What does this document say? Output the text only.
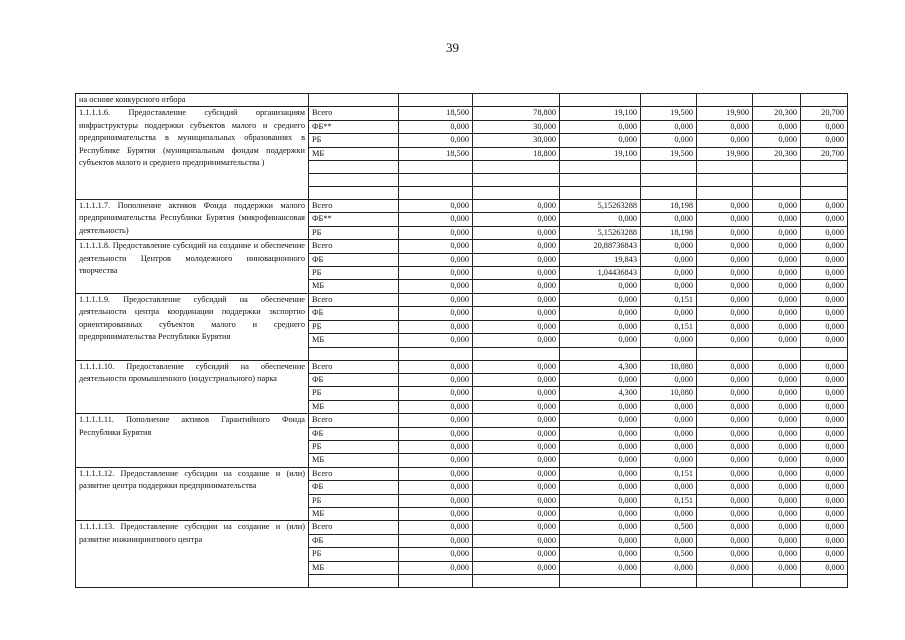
39
на основе конкурсного отбора								
1.1.1.1.6. Предоставление субсидий организациям инфраструктуры поддержки субъектов малого и среднего предпринимательства в муниципальных образованиях в Республике Бурятия (муниципальным фондам поддержки субъектов малого и среднего предпринимательства )	Всего	18,500	78,800	19,100	19,500	19,900	20,300	20,700
	ФБ**	0,000	30,000	0,000	0,000	0,000	0,000	0,000
	РБ	0,000	30,000	0,000	0,000	0,000	0,000	0,000
	МБ	18,500	18,800	19,100	19,500	19,900	20,300	20,700

1.1.1.1.7. Пополнение активов Фонда поддержки малого предпринимательства Республики Бурятия (микрофинансовая деятельность)	Всего	0,000	0,000	5,15263288	18,198	0,000	0,000	0,000
	ФБ**	0,000	0,000	0,000	0,000	0,000	0,000	0,000
	РБ	0,000	0,000	5,15263288	18,198	0,000	0,000	0,000
1.1.1.1.8. Предоставление субсидий на создание и обеспечение деятельности Центров молодежного инновационного творчества	Всего	0,000	0,000	20,88736843	0,000	0,000	0,000	0,000
	ФБ	0,000	0,000	19,843	0,000	0,000	0,000	0,000
	РБ	0,000	0,000	1,04436843	0,000	0,000	0,000	0,000
	МБ	0,000	0,000	0,000	0,000	0,000	0,000	0,000
1.1.1.1.9. Предоставление субсидий на обеспечение деятельности центра координации поддержки экспортно ориентированных субъектов малого и среднего предпринимательства Республики Бурятия	Всего	0,000	0,000	0,000	0,151	0,000	0,000	0,000
	ФБ	0,000	0,000	0,000	0,000	0,000	0,000	0,000
	РБ	0,000	0,000	0,000	0,151	0,000	0,000	0,000
	МБ	0,000	0,000	0,000	0,000	0,000	0,000	0,000

1.1.1.1.10. Предоставление субсидий на обеспечение деятельности промышленного (индустриального) парка	Всего	0,000	0,000	4,300	10,080	0,000	0,000	0,000
	ФБ	0,000	0,000	0,000	0,000	0,000	0,000	0,000
	РБ	0,000	0,000	4,300	10,080	0,000	0,000	0,000
	МБ	0,000	0,000	0,000	0,000	0,000	0,000	0,000
1.1.1.1.11. Пополнение активов Гарантийного Фонда Республики Бурятия	Всего	0,000	0,000	0,000	0,000	0,000	0,000	0,000
	ФБ	0,000	0,000	0,000	0,000	0,000	0,000	0,000
	РБ	0,000	0,000	0,000	0,000	0,000	0,000	0,000
	МБ	0,000	0,000	0,000	0,000	0,000	0,000	0,000
1.1.1.1.12. Предоставление субсидии на создание и (или) развитие центра поддержки предпринимательства	Всего	0,000	0,000	0,000	0,151	0,000	0,000	0,000
	ФБ	0,000	0,000	0,000	0,000	0,000	0,000	0,000
	РБ	0,000	0,000	0,000	0,151	0,000	0,000	0,000
	МБ	0,000	0,000	0,000	0,000	0,000	0,000	0,000
1.1.1.1.13. Предоставление субсидии на создание и (или) развитие инжинирингового центра	Всего	0,000	0,000	0,000	0,500	0,000	0,000	0,000
	ФБ	0,000	0,000	0,000	0,000	0,000	0,000	0,000
	РБ	0,000	0,000	0,000	0,500	0,000	0,000	0,000
	МБ	0,000	0,000	0,000	0,000	0,000	0,000	0,000
